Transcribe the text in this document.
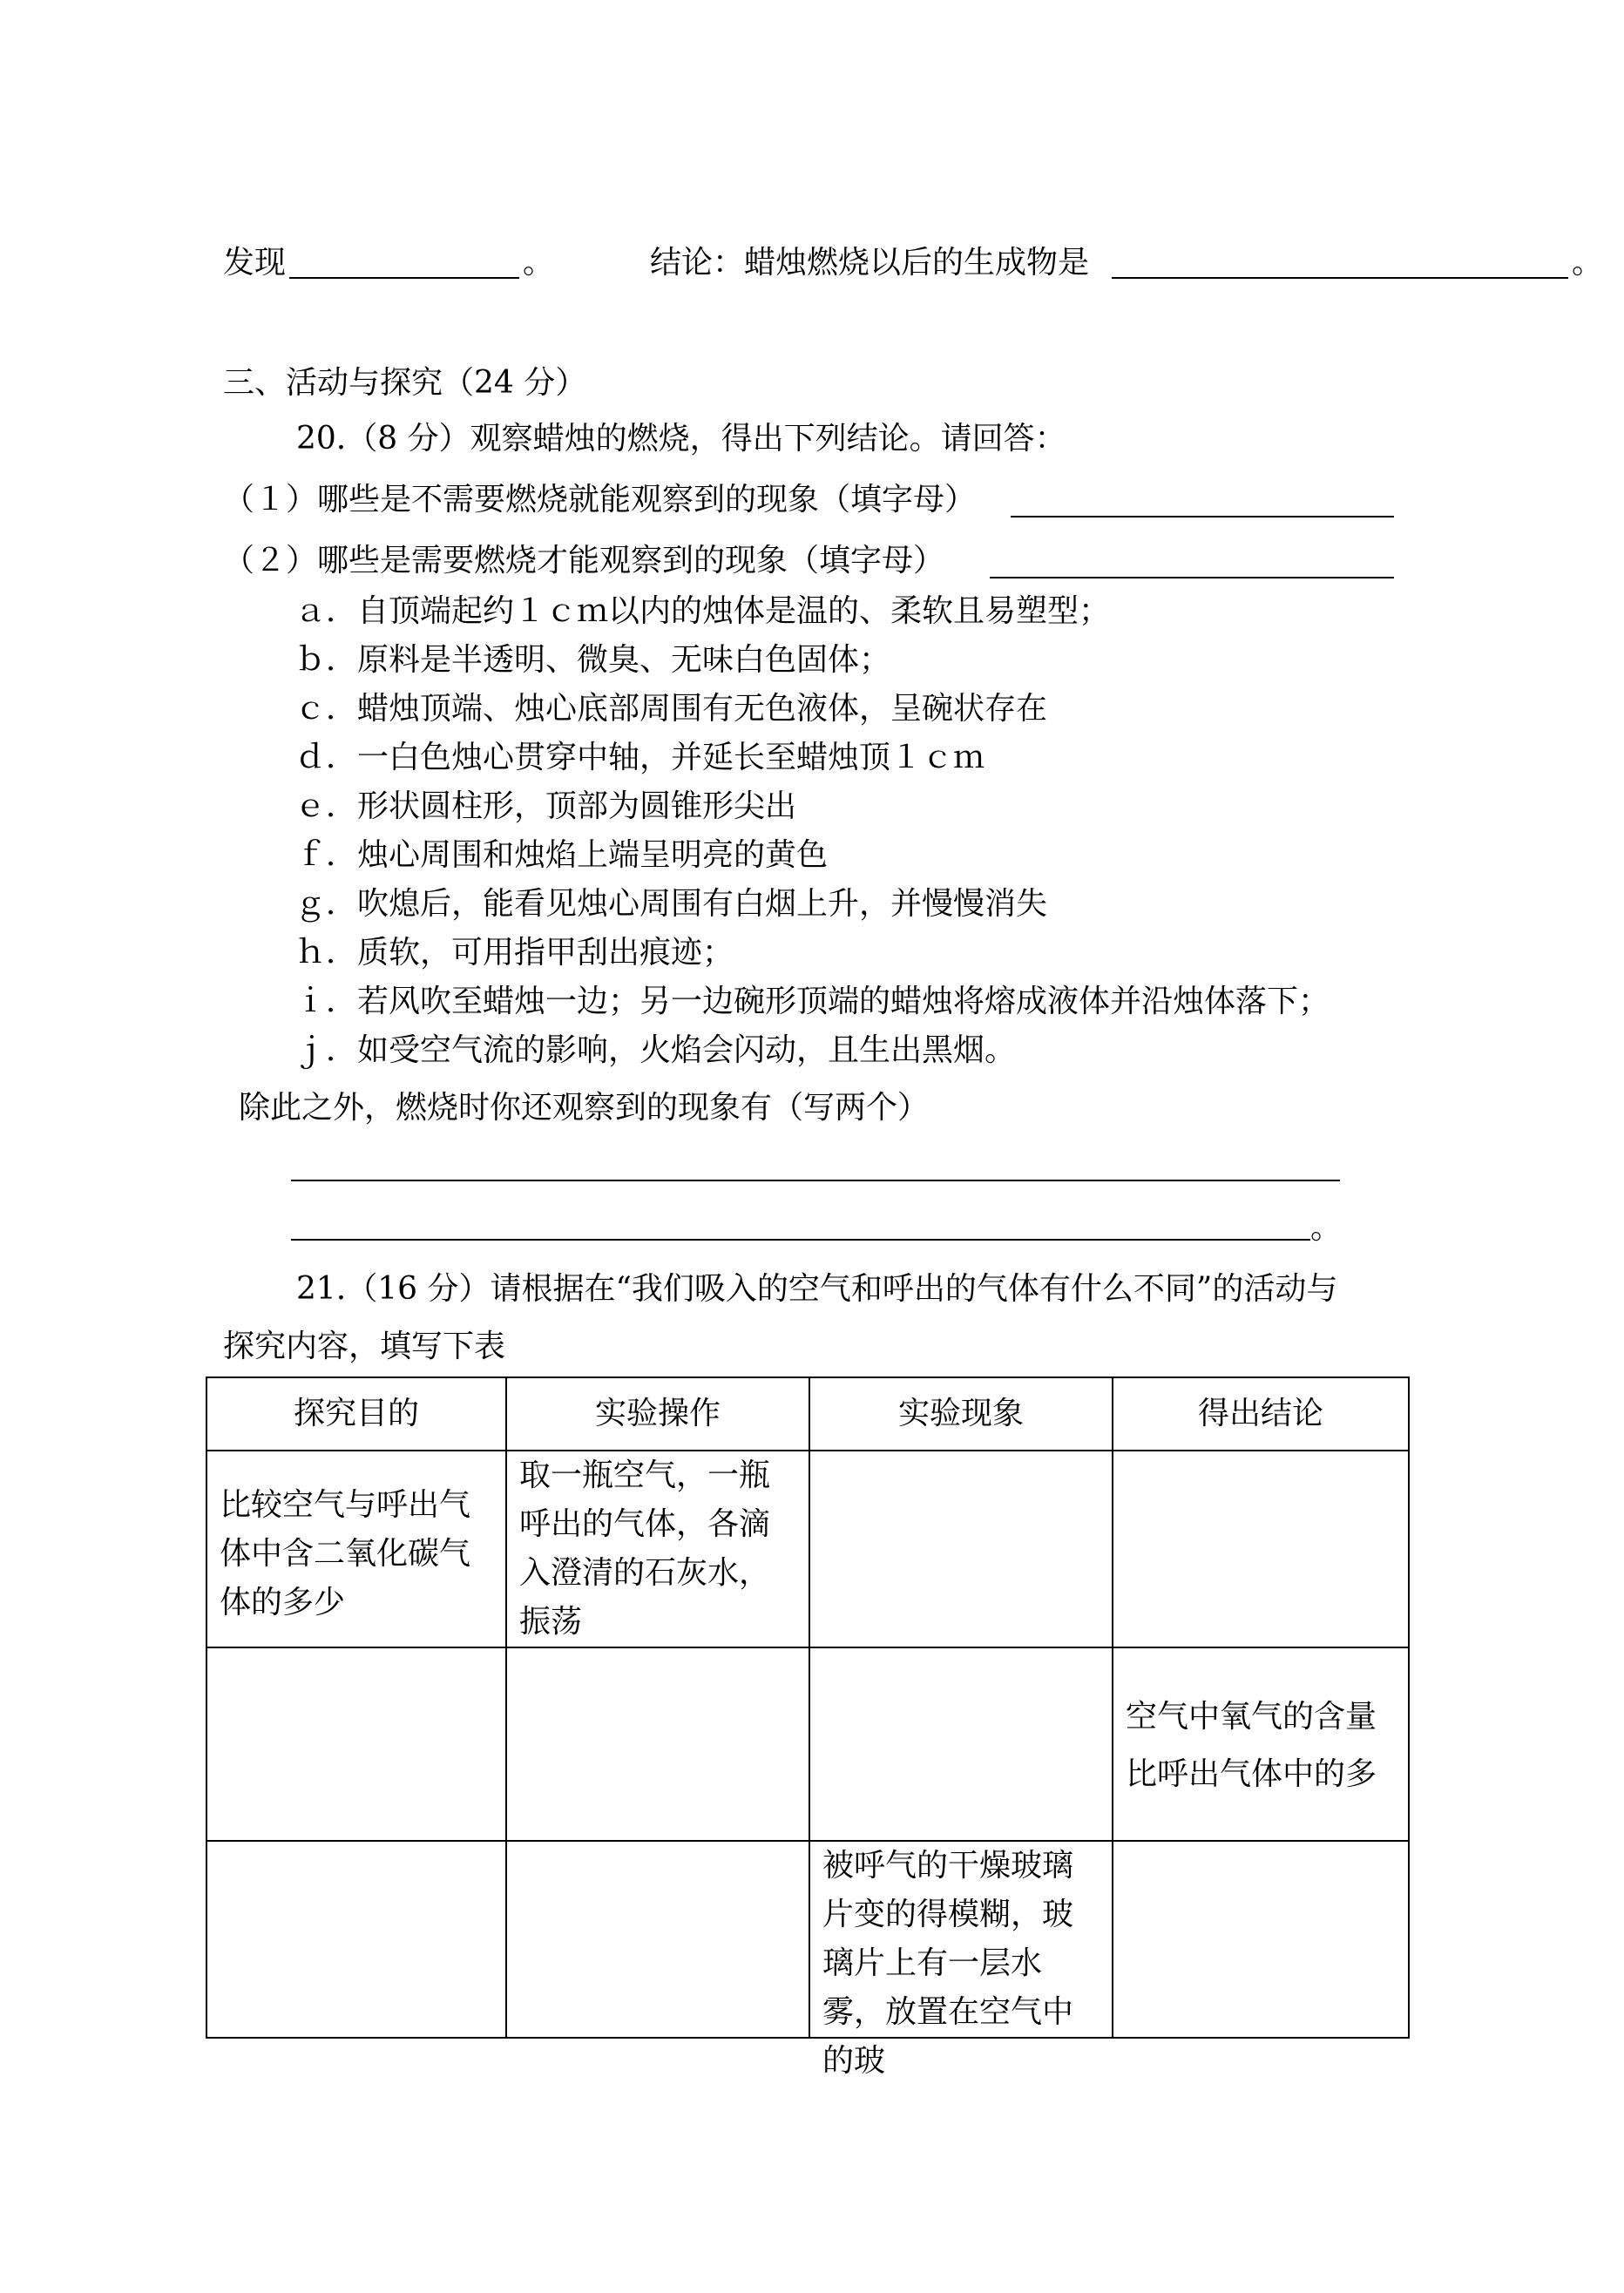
发现	。	结论：蜡烛燃烧以后的生成物是	。
三、活动与探究（24 分）
20.（8 分）观察蜡烛的燃烧，得出下列结论。请回答：
（１）哪些是不需要燃烧就能观察到的现象（填字母）
（２）哪些是需要燃烧才能观察到的现象（填字母）
ａ．自顶端起约１ｃｍ以内的烛体是温的、柔软且易塑型；
ｂ．原料是半透明、微臭、无味白色固体；
ｃ．蜡烛顶端、烛心底部周围有无色液体，呈碗状存在
ｄ．一白色烛心贯穿中轴，并延长至蜡烛顶１ｃｍ
ｅ．形状圆柱形，顶部为圆锥形尖出
ｆ．烛心周围和烛焰上端呈明亮的黄色
ｇ．吹熄后，能看见烛心周围有白烟上升，并慢慢消失
ｈ．质软，可用指甲刮出痕迹；
ｉ．若风吹至蜡烛一边；另一边碗形顶端的蜡烛将熔成液体并沿烛体落下；
ｊ．如受空气流的影响，火焰会闪动，且生出黑烟。
除此之外，燃烧时你还观察到的现象有（写两个）
。
21.（16 分）请根据在“我们吸入的空气和呼出的气体有什么不同”的活动与
探究内容，填写下表
探究目的	实验操作	实验现象	得出结论

比较空气与呼出气体中含二氧化碳气体的多少	取一瓶空气，一瓶呼出的气体，各滴入澄清的石灰水，振荡		

			空气中氧气的含量比呼出气体中的多

		被呼气的干燥玻璃片变的得模糊，玻璃片上有一层水雾，放置在空气中的玻	
